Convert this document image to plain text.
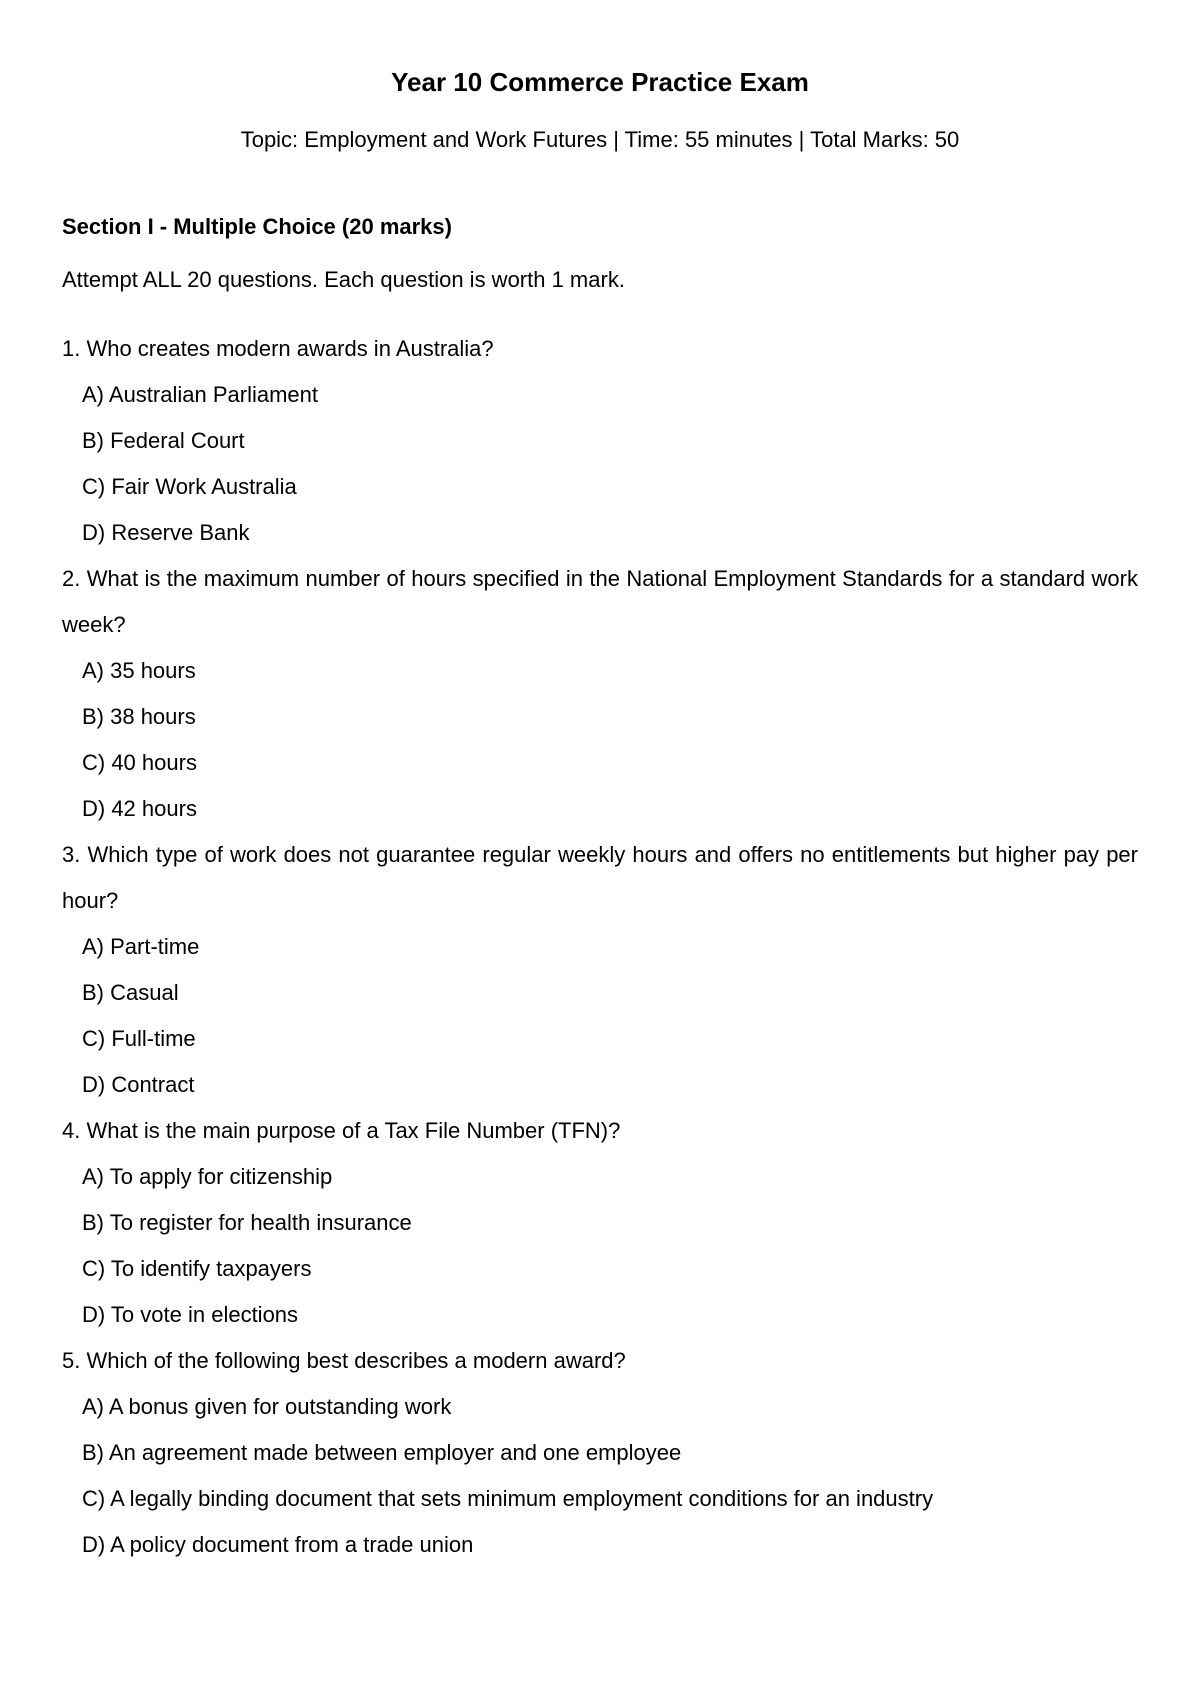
Year 10 Commerce Practice Exam

Topic: Employment and Work Futures | Time: 55 minutes | Total Marks: 50

Section I - Multiple Choice (20 marks)

Attempt ALL 20 questions. Each question is worth 1 mark.

1. Who creates modern awards in Australia?

A) Australian Parliament

B) Federal Court

C) Fair Work Australia

D) Reserve Bank

2. What is the maximum number of hours specified in the National Employment Standards for a standard work week?

A) 35 hours

B) 38 hours

C) 40 hours

D) 42 hours

3. Which type of work does not guarantee regular weekly hours and offers no entitlements but higher pay per hour?

A) Part-time

B) Casual

C) Full-time

D) Contract

4. What is the main purpose of a Tax File Number (TFN)?

A) To apply for citizenship

B) To register for health insurance

C) To identify taxpayers

D) To vote in elections

5. Which of the following best describes a modern award?

A) A bonus given for outstanding work

B) An agreement made between employer and one employee

C) A legally binding document that sets minimum employment conditions for an industry

D) A policy document from a trade union
